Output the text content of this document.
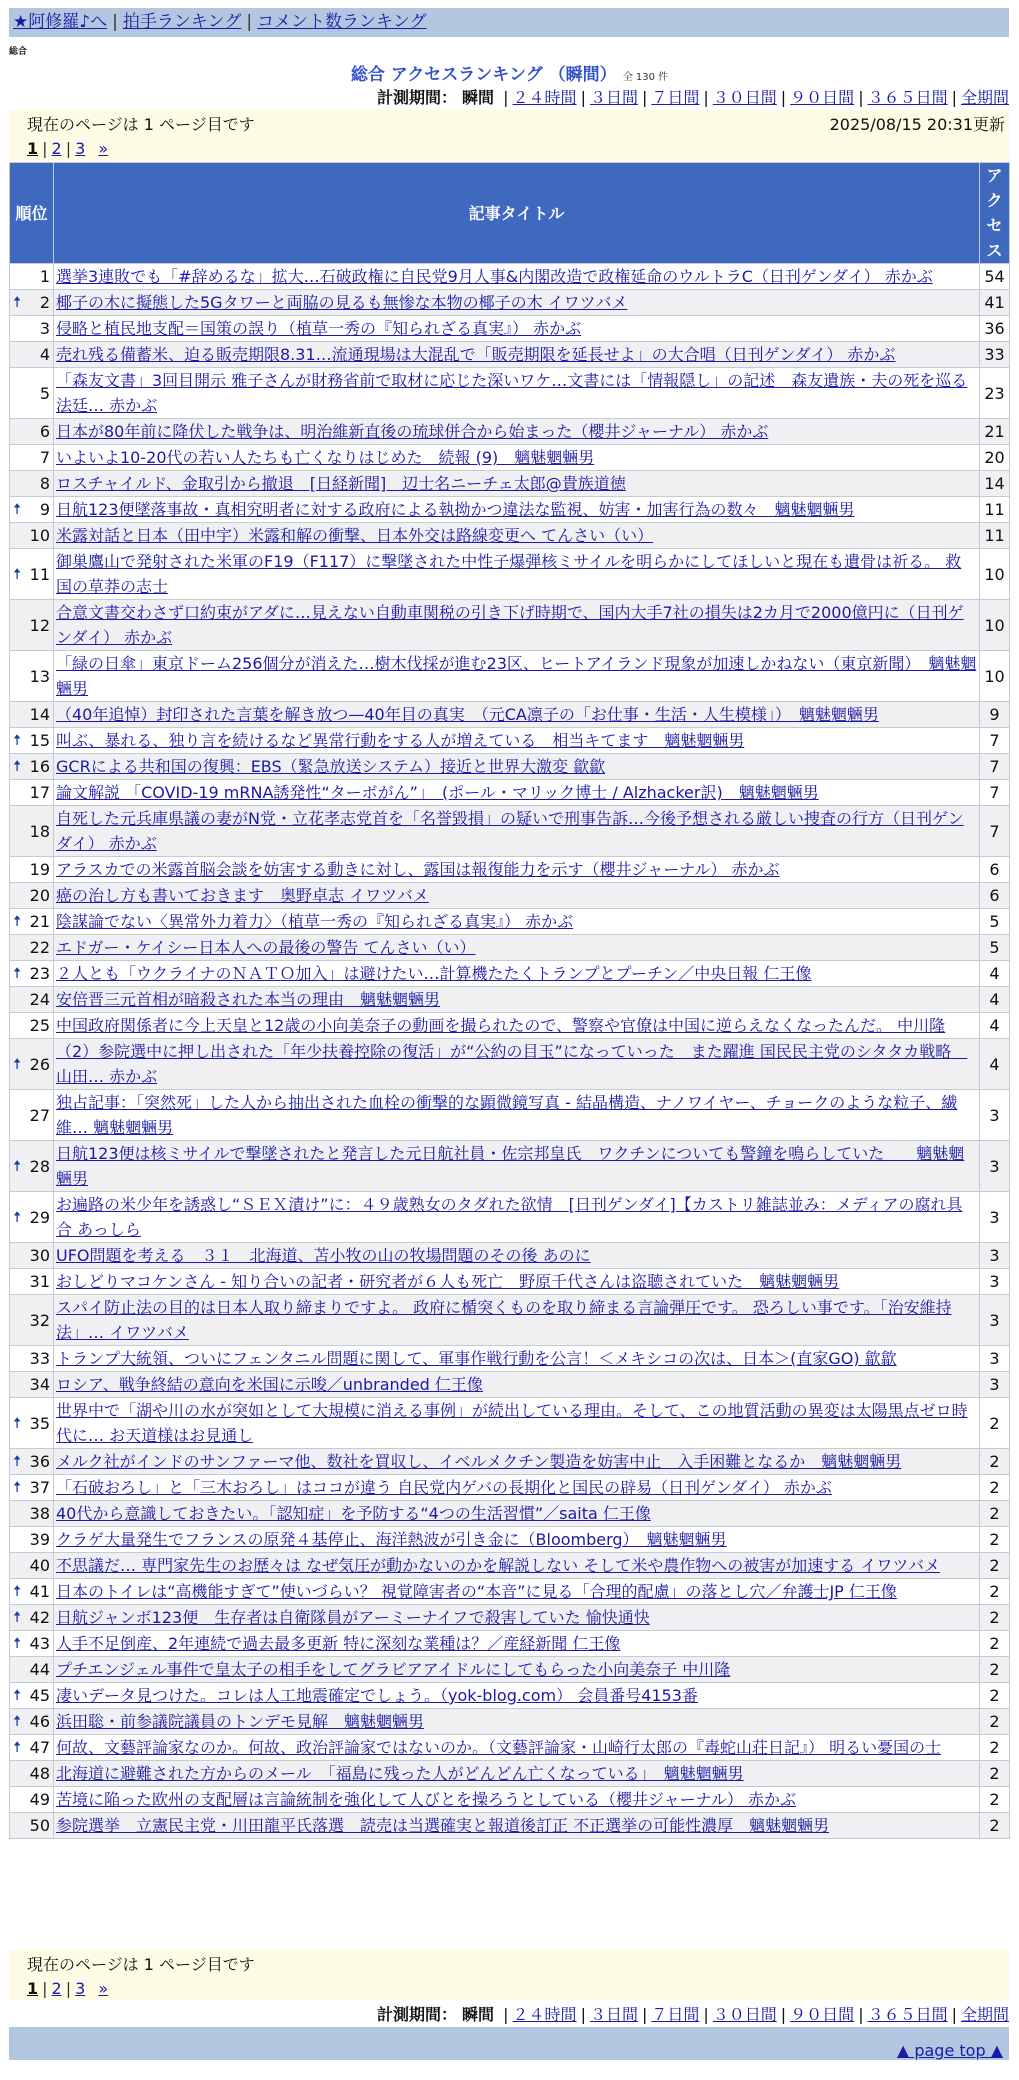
★阿修羅♪へ | 拍手ランキング | コメント数ランキング
総合
総合 アクセスランキング （瞬間） 全 130 件
計測期間： 瞬間 | ２４時間 | ３日間 | ７日間 | ３０日間 | ９０日間 | ３６５日間 | 全期間
現在のページは 1 ページ目です	2025/08/15 20:31更新
1 | 2 | 3 »
順位	記事タイトル	アクセス
1	選挙3連敗でも「#辞めるな」拡大…石破政権に自民党9月人事&内閣改造で政権延命のウルトラC（日刊ゲンダイ） 赤かぶ	54

🠅 2	椰子の木に擬態した5Gタワーと両脇の見るも無惨な本物の椰子の木 イワツバメ	41
3	侵略と植民地支配＝国策の誤り（植草一秀の『知られざる真実』） 赤かぶ	36
4	売れ残る備蓄米、迫る販売期限8.31…流通現場は大混乱で「販売期限を延長せよ」の大合唱（日刊ゲンダイ） 赤かぶ	33
5	「森友文書」3回目開示 雅子さんが財務省前で取材に応じた深いワケ…文書には「情報隠し」の記述　森友遺族・夫の死を巡る法廷… 赤かぶ	23
6	日本が80年前に降伏した戦争は、明治維新直後の琉球併合から始まった（櫻井ジャーナル） 赤かぶ	21
7	いよいよ10-20代の若い人たちも亡くなりはじめた　続報 (9)　魑魅魍魎男	20
8	ロスチャイルド、金取引から撤退　[日経新聞]　辺士名ニーチェ太郎@貴族道徳	14

🠅 9	日航123便墜落事故・真相究明者に対する政府による執拗かつ違法な監視、妨害・加害行為の数々　魑魅魍魎男	11
10	米露対話と日本（田中宇）米露和解の衝撃、日本外交は路線変更へ てんさい（い）	11

🠅 11	御巣鷹山で発射された米軍のF19（F117）に撃墜された中性子爆弾核ミサイルを明らかにしてほしいと現在も遺骨は祈る。 救国の草莽の志士	10
12	合意文書交わさず口約束がアダに…見えない自動車関税の引き下げ時期で、国内大手7社の損失は2カ月で2000億円に（日刊ゲンダイ） 赤かぶ	10
13	「緑の日傘」東京ドーム256個分が消えた…樹木伐採が進む23区、ヒートアイランド現象が加速しかねない（東京新聞）　魑魅魍魎男	10
14	（40年追悼）封印された言葉を解き放つ—40年目の真実　（元CA凛子の「お仕事・生活・人生模様」）　魑魅魍魎男	9

🠅 15	叫ぶ、暴れる、独り言を続けるなど異常行動をする人が増えている　相当キてます　魑魅魍魎男	7

🠅 16	GCRによる共和国の復興：EBS（緊急放送システム）接近と世界大激変 歙歙	7
17	論文解説 「COVID-19 mRNA誘発性“ターボがん”」　(ポール・マリック博士 / Alzhacker訳)　魑魅魍魎男	7
18	自死した元兵庫県議の妻がN党・立花孝志党首を「名誉毀損」の疑いで刑事告訴…今後予想される厳しい捜査の行方（日刊ゲンダイ） 赤かぶ	7
19	アラスカでの米露首脳会談を妨害する動きに対し、露国は報復能力を示す（櫻井ジャーナル） 赤かぶ	6
20	癌の治し方も書いておきます　奥野卓志 イワツバメ	6

🠅 21	陰謀論でない〈異常外力着力〉（植草一秀の『知られざる真実』） 赤かぶ	5
22	エドガー・ケイシー日本人への最後の警告 てんさい（い）	5

🠅 23	２人とも「ウクライナのＮＡＴＯ加入」は避けたい…計算機たたくトランプとプーチン／中央日報 仁王像	4
24	安倍晋三元首相が暗殺された本当の理由　魑魅魍魎男	4
25	中国政府関係者に今上天皇と12歳の小向美奈子の動画を撮られたので、警察や官僚は中国に逆らえなくなったんだ。 中川隆	4

🠅 26	（2）参院選中に押し出された「年少扶養控除の復活」が“公約の目玉”になっていった　また躍進 国民民主党のシタタカ戦略　山田… 赤かぶ	4
27	独占記事：「突然死」した人から抽出された血栓の衝撃的な顕微鏡写真 - 結晶構造、ナノワイヤー、チョークのような粒子、繊維… 魑魅魍魎男	3

🠅 28	日航123便は核ミサイルで撃墜されたと発言した元日航社員・佐宗邦皇氏　ワクチンについても警鐘を鳴らしていた　　魑魅魍魎男	3

🠅 29	お遍路の米少年を誘惑し“ＳＥＸ漬け”に：４９歳熟女のタダれた欲情　[日刊ゲンダイ]【カストリ雑誌並み：メディアの腐れ具合 あっしら	3
30	UFO問題を考える　３１　北海道、苫小牧の山の牧場問題のその後 あのに	3
31	おしどりマコケンさん - 知り合いの記者・研究者が６人も死亡　野原千代さんは盗聴されていた　魑魅魍魎男	3
32	スパイ防止法の目的は日本人取り締まりですよ。 政府に楯突くものを取り締まる言論弾圧です。 恐ろしい事です。「治安維持法」… イワツバメ	3
33	トランプ大統領、ついにフェンタニル問題に関して、軍事作戦行動を公言！＜メキシコの次は、日本＞(直家GO) 歙歙	3
34	ロシア、戦争終結の意向を米国に示唆／unbranded 仁王像	3

🠅 35	世界中で「湖や川の水が突如として大規模に消える事例」が続出している理由。そして、この地質活動の異変は太陽黒点ゼロ時代に… お天道様はお見通し	2

🠅 36	メルク社がインドのサンファーマ他、数社を買収し、イベルメクチン製造を妨害中止　入手困難となるか　魑魅魍魎男	2

🠅 37	「石破おろし」と「三木おろし」はココが違う 自民党内ゲバの長期化と国民の辟易（日刊ゲンダイ） 赤かぶ	2
38	40代から意識しておきたい。「認知症」を予防する“4つの生活習慣”／saita 仁王像	2
39	クラゲ大量発生でフランスの原発４基停止、海洋熱波が引き金に（Bloomberg）　魑魅魍魎男	2
40	不思議だ… 専門家先生のお歴々は なぜ気圧が動かないのかを解説しない そして米や農作物への被害が加速する イワツバメ	2

🠅 41	日本のトイレは“高機能すぎて”使いづらい？ 視覚障害者の“本音”に見る「合理的配慮」の落とし穴／弁護士JP 仁王像	2

🠅 42	日航ジャンボ123便　生存者は自衛隊員がアーミーナイフで殺害していた 愉快通快	2

🠅 43	人手不足倒産、2年連続で過去最多更新 特に深刻な業種は？／産経新聞 仁王像	2
44	プチエンジェル事件で皇太子の相手をしてグラビアアイドルにしてもらった小向美奈子 中川隆	2

🠅 45	凄いデータ見つけた。コレは人工地震確定でしょう。（yok-blog.com） 会員番号4153番	2

🠅 46	浜田聡・前参議院議員のトンデモ見解　魑魅魍魎男	2

🠅 47	何故、文藝評論家なのか。何故、政治評論家ではないのか。（文藝評論家・山崎行太郎の『毒蛇山荘日記』） 明るい憂国の士	2
48	北海道に避難された方からのメール　「福島に残った人がどんどん亡くなっている」　魑魅魍魎男	2
49	苦境に陥った欧州の支配層は言論統制を強化して人びとを操ろうとしている（櫻井ジャーナル） 赤かぶ	2
50	参院選挙　立憲民主党・川田龍平氏落選　読売は当選確実と報道後訂正 不正選挙の可能性濃厚　魑魅魍魎男	2
現在のページは 1 ページ目です
1 | 2 | 3 »
計測期間： 瞬間 | ２４時間 | ３日間 | ７日間 | ３０日間 | ９０日間 | ３６５日間 | 全期間
▲ page top ▲
